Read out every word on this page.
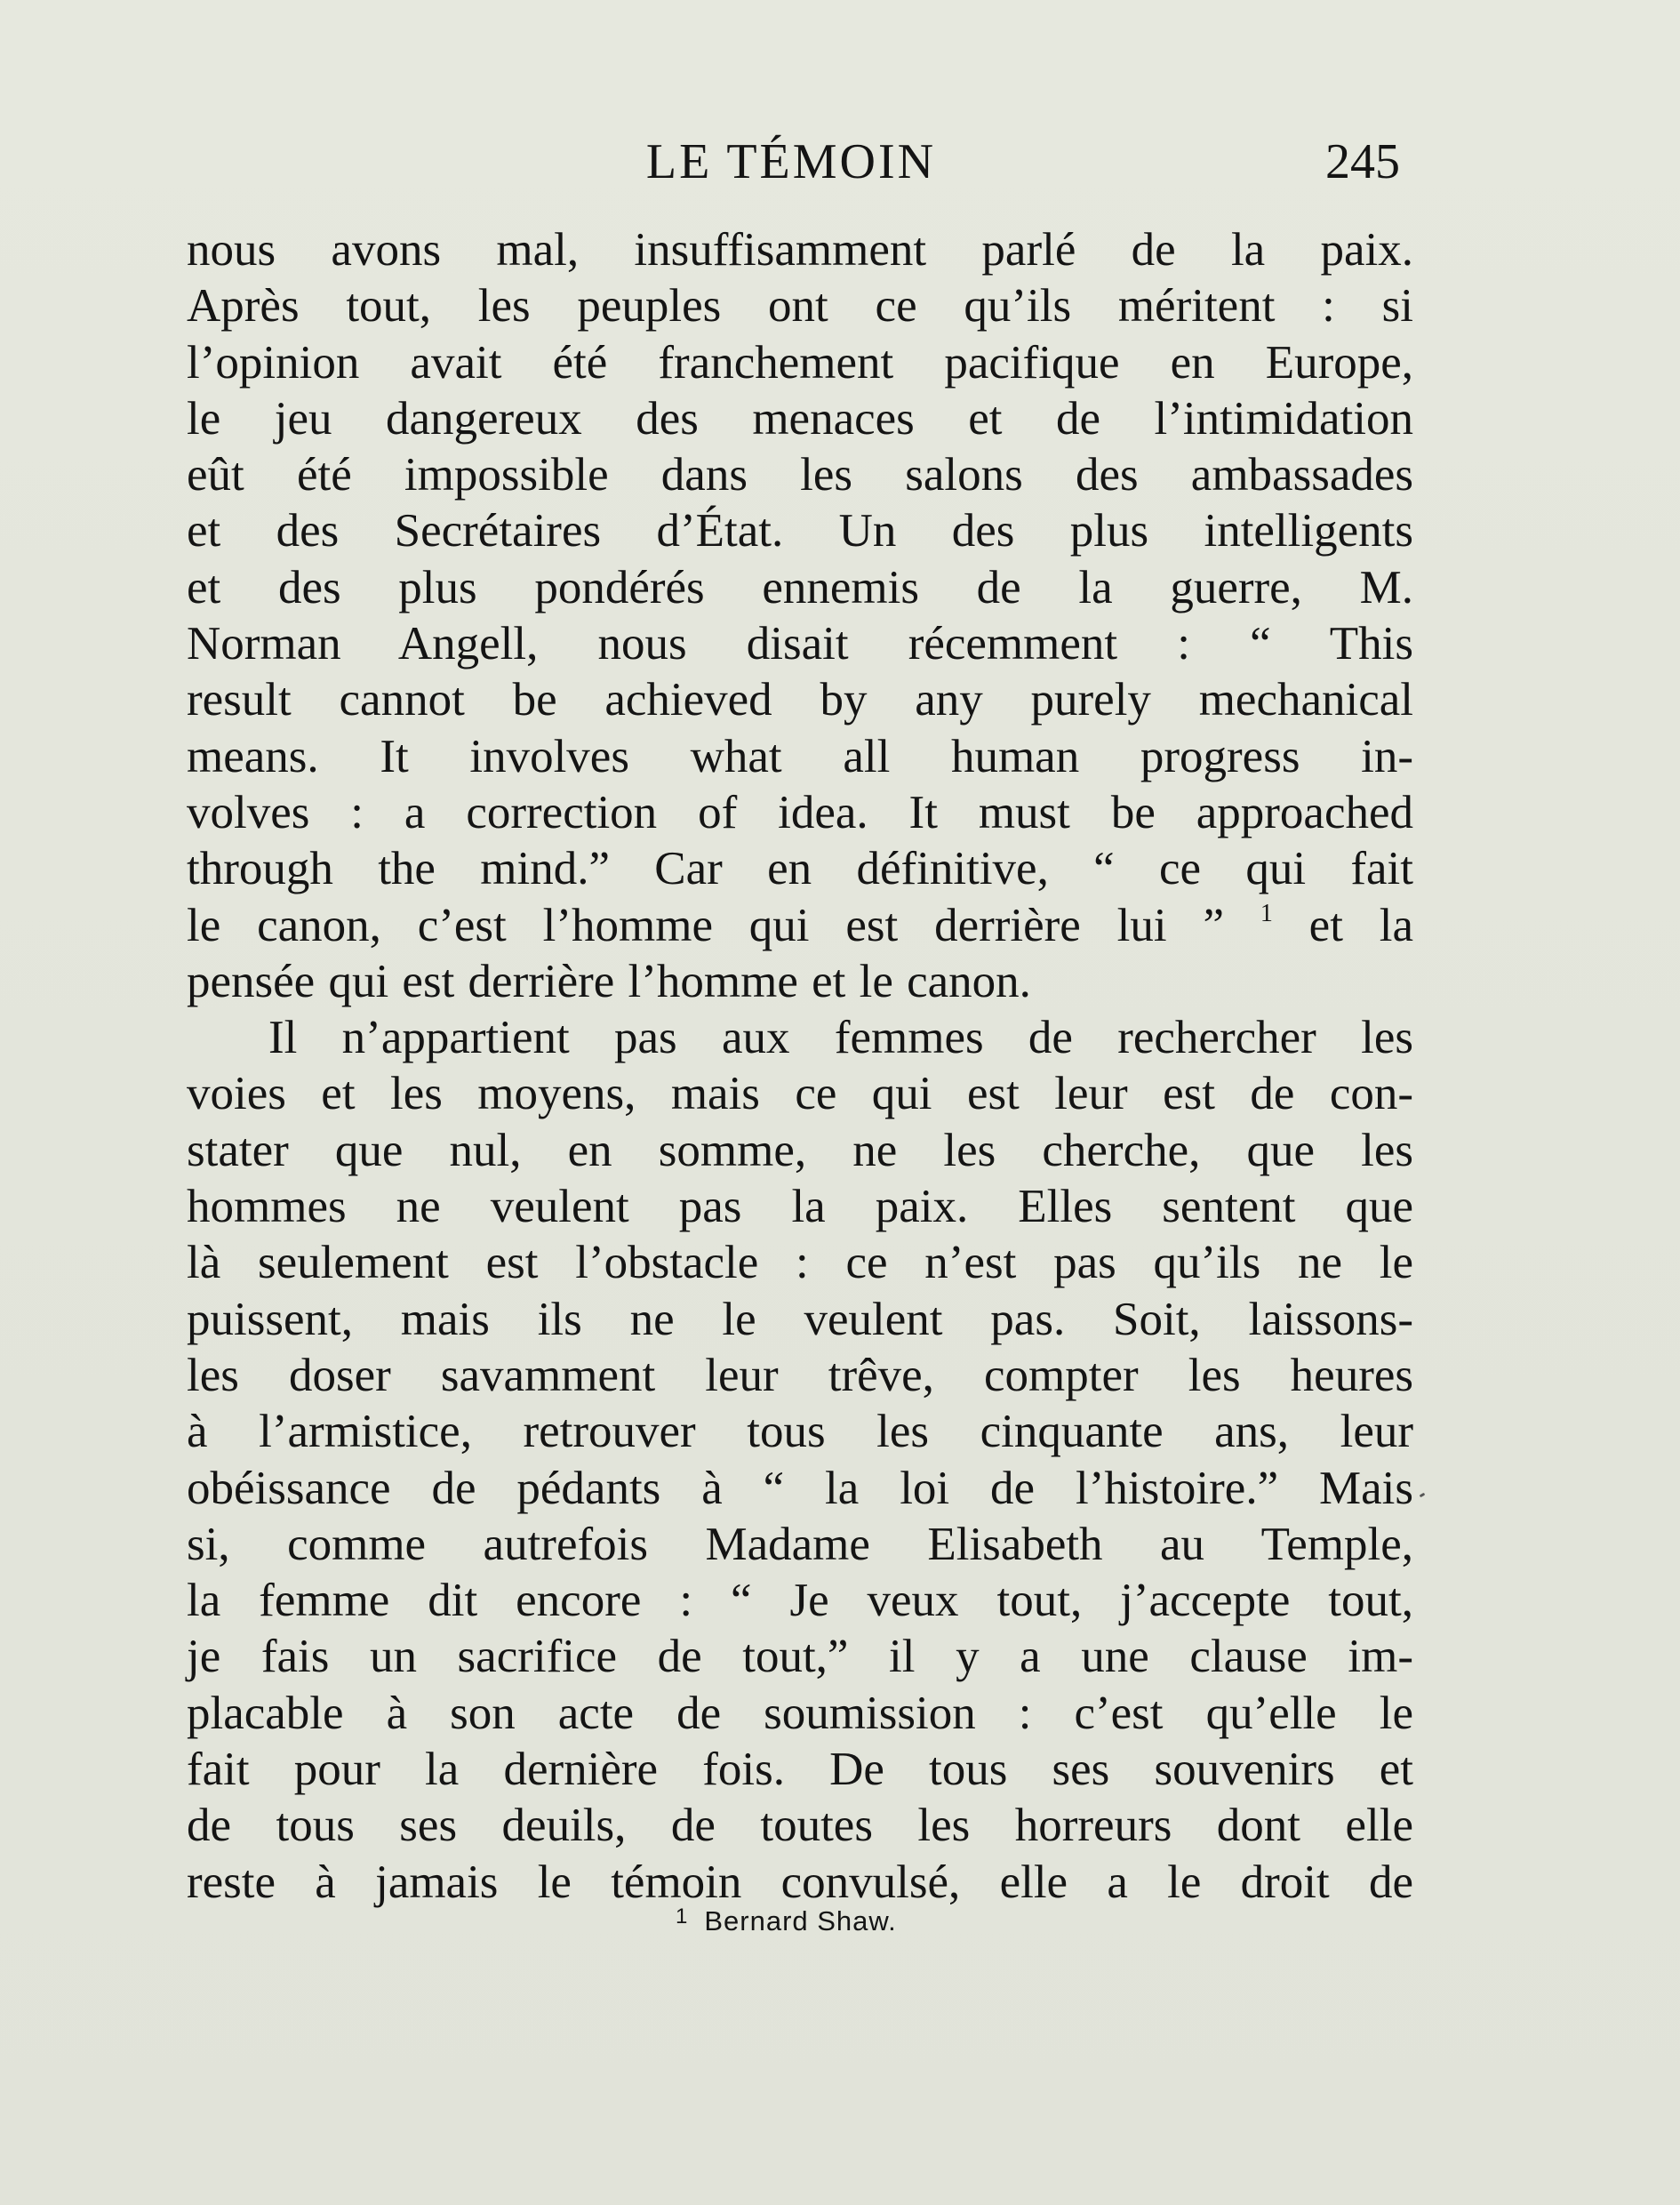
LE TÉMOIN	245
nous avons mal, insuffisamment parlé de la paix.
Après tout, les peuples ont ce qu’ils méritent : si
l’opinion avait été franchement pacifique en Europe,
le jeu dangereux des menaces et de l’intimidation
eût été impossible dans les salons des ambassades
et des Secrétaires d’État. Un des plus intelligents
et des plus pondérés ennemis de la guerre, M.
Norman Angell, nous disait récemment : “ This
result cannot be achieved by any purely mechanical
means. It involves what all human progress in-
volves : a correction of idea. It must be approached
through the mind.” Car en définitive, “ ce qui fait
le canon, c’est l’homme qui est derrière lui ” $^1$ et la
pensée qui est derrière l’homme et le canon.
Il n’appartient pas aux femmes de rechercher les
voies et les moyens, mais ce qui est leur est de con-
stater que nul, en somme, ne les cherche, que les
hommes ne veulent pas la paix. Elles sentent que
là seulement est l’obstacle : ce n’est pas qu’ils ne le
puissent, mais ils ne le veulent pas. Soit, laissons-
les doser savamment leur trêve, compter les heures
à l’armistice, retrouver tous les cinquante ans, leur
obéissance de pédants à “ la loi de l’histoire.” Mais
si, comme autrefois Madame Elisabeth au Temple,
la femme dit encore : “ Je veux tout, j’accepte tout,
je fais un sacrifice de tout,” il y a une clause im-
placable à son acte de soumission : c’est qu’elle le
fait pour la dernière fois. De tous ses souvenirs et
de tous ses deuils, de toutes les horreurs dont elle
reste à jamais le témoin convulsé, elle a le droit de
$^1$ Bernard Shaw.
